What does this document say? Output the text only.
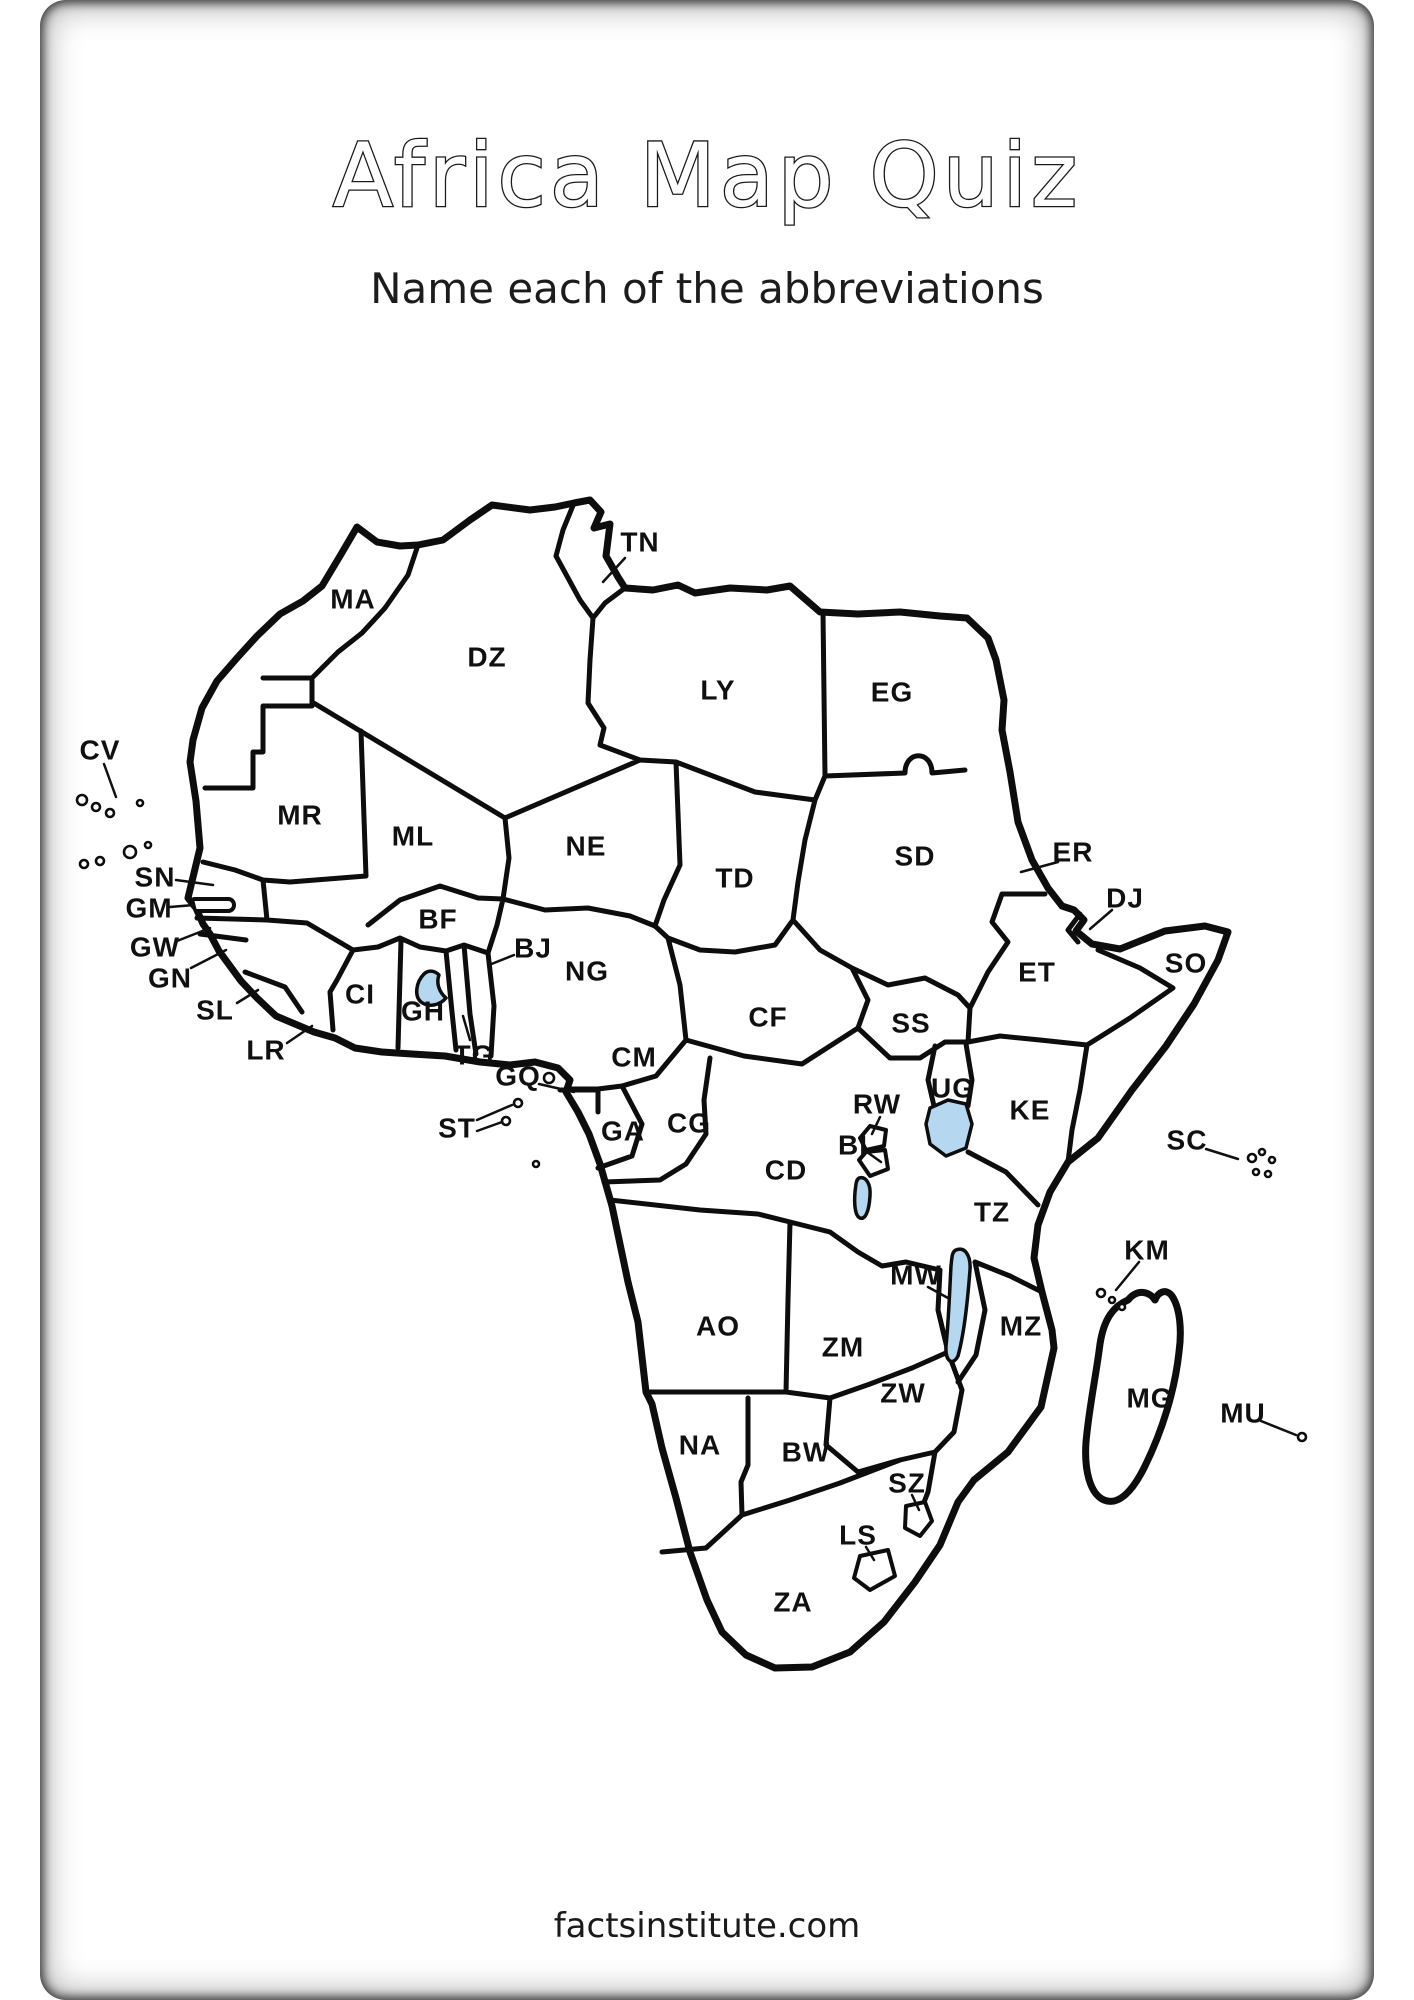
Africa Map Quiz
TN
MA
DZ
LY	EG
CV
MR
ML	NE
TD
SD	ER
DJ
SN
GM
GW
GN
SL
LR
BF
BJ
NG
CI
GH
TG
GQ
ST
CM
CF	SS
ET	SO
GA CG
CD
UG
RW
BI
KE
SC
TZ
KM
MW
AO
ZM
MZ
ZW	MG MU
NA BW
SZ
LS
ZA
Name each of the abbreviations
factsinstitute.com
